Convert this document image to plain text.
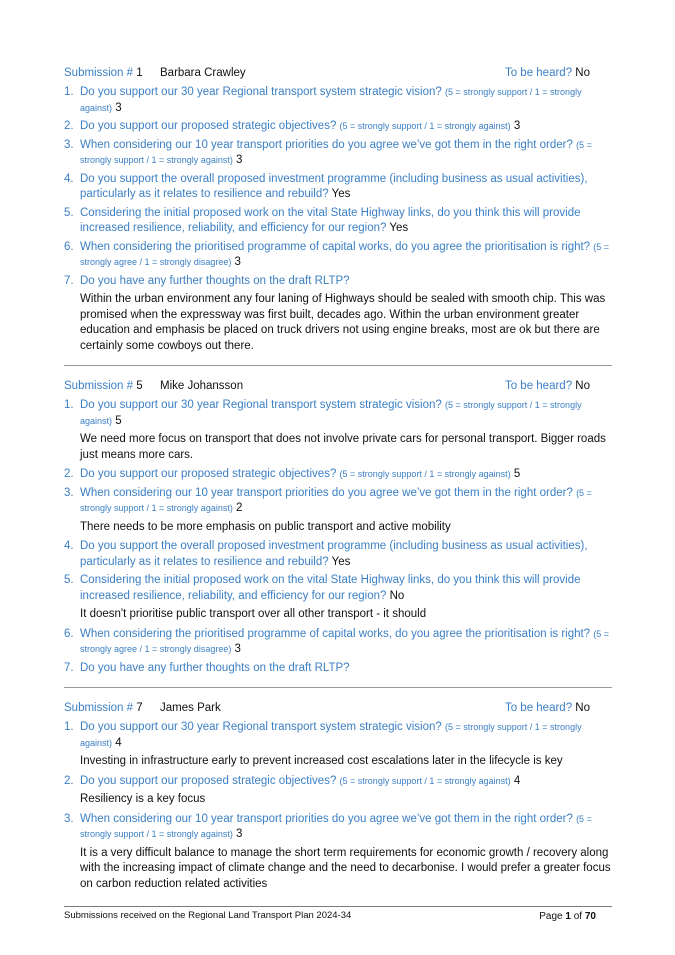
Submission # 1 Barbara Crawley	To be heard? No
1. Do you support our 30 year Regional transport system strategic vision? (5 = strongly support / 1 = strongly against) 3
2. Do you support our proposed strategic objectives? (5 = strongly support / 1 = strongly against) 3
3. When considering our 10 year transport priorities do you agree we’ve got them in the right order? (5 = strongly support / 1 = strongly against) 3
4. Do you support the overall proposed investment programme (including business as usual activities), particularly as it relates to resilience and rebuild? Yes
5. Considering the initial proposed work on the vital State Highway links, do you think this will provide increased resilience, reliability, and efficiency for our region? Yes
6. When considering the prioritised programme of capital works, do you agree the prioritisation is right? (5 = strongly agree / 1 = strongly disagree) 3
7. Do you have any further thoughts on the draft RLTP?
Within the urban environment any four laning of Highways should be sealed with smooth chip. This was promised when the expressway was first built, decades ago. Within the urban environment greater education and emphasis be placed on truck drivers not using engine breaks, most are ok but there are certainly some cowboys out there.
Submission # 5 Mike Johansson	To be heard? No
1. Do you support our 30 year Regional transport system strategic vision? (5 = strongly support / 1 = strongly against) 5
We need more focus on transport that does not involve private cars for personal transport. Bigger roads just means more cars.
2. Do you support our proposed strategic objectives? (5 = strongly support / 1 = strongly against) 5
3. When considering our 10 year transport priorities do you agree we’ve got them in the right order? (5 = strongly support / 1 = strongly against) 2
There needs to be more emphasis on public transport and active mobility
4. Do you support the overall proposed investment programme (including business as usual activities), particularly as it relates to resilience and rebuild? Yes
5. Considering the initial proposed work on the vital State Highway links, do you think this will provide increased resilience, reliability, and efficiency for our region? No
It doesn't prioritise public transport over all other transport - it should
6. When considering the prioritised programme of capital works, do you agree the prioritisation is right? (5 = strongly agree / 1 = strongly disagree) 3
7. Do you have any further thoughts on the draft RLTP?
Submission # 7 James Park	To be heard? No
1. Do you support our 30 year Regional transport system strategic vision? (5 = strongly support / 1 = strongly against) 4
Investing in infrastructure early to prevent increased cost escalations later in the lifecycle is key
2. Do you support our proposed strategic objectives? (5 = strongly support / 1 = strongly against) 4
Resiliency is a key focus
3. When considering our 10 year transport priorities do you agree we’ve got them in the right order? (5 = strongly support / 1 = strongly against) 3
It is a very difficult balance to manage the short term requirements for economic growth / recovery along with the increasing impact of climate change and the need to decarbonise. I would prefer a greater focus on carbon reduction related activities
Submissions received on the Regional Land Transport Plan 2024-34	Page 1 of 70
